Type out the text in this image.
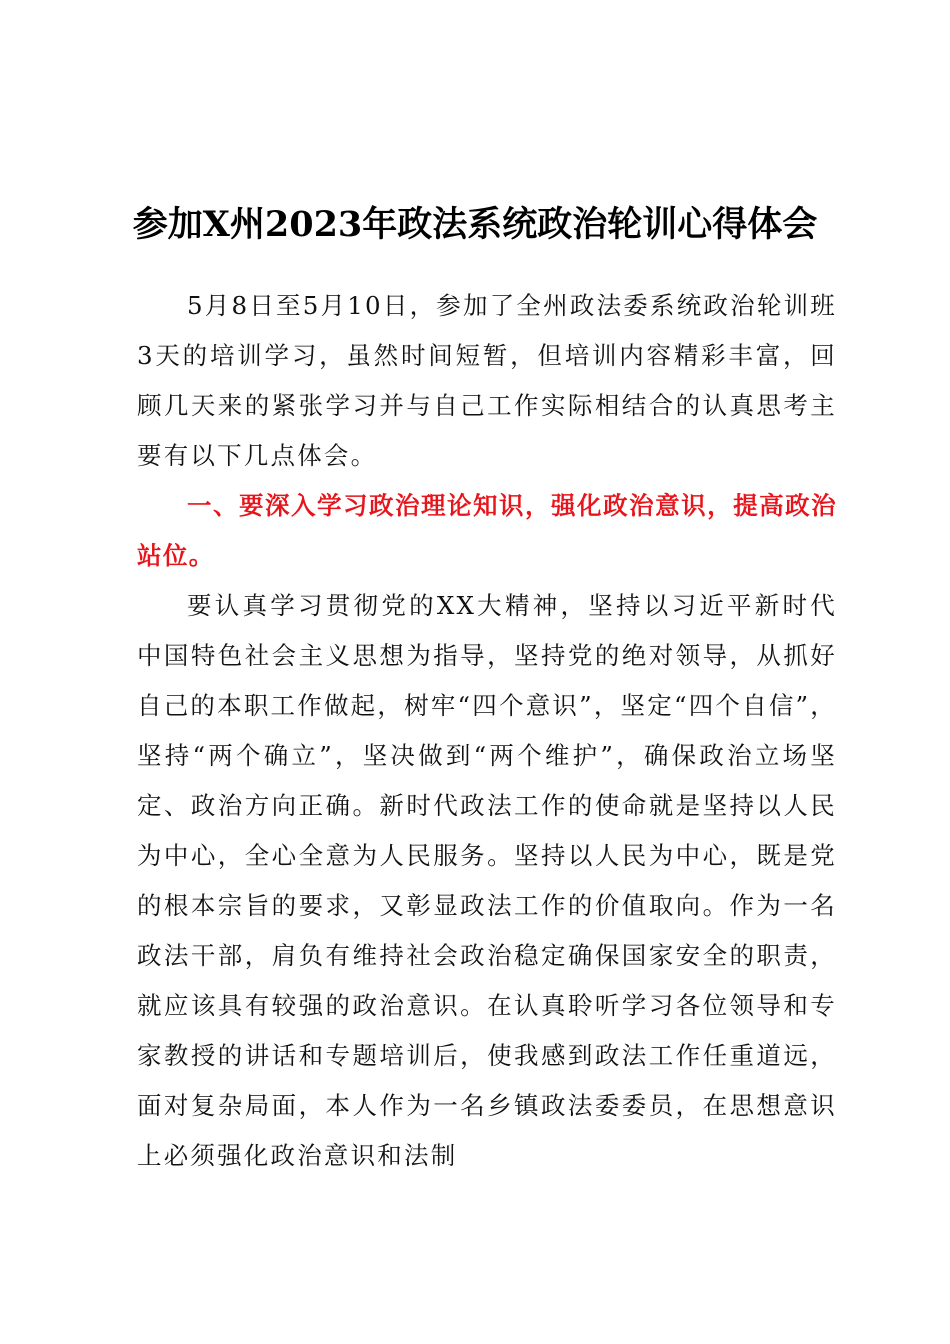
参加X州2023年政法系统政治轮训心得体会

5月8日至5月10日，参加了全州政法委系统政治轮训班3天的培训学习，虽然时间短暂，但培训内容精彩丰富，回顾几天来的紧张学习并与自己工作实际相结合的认真思考主要有以下几点体会。

一、要深入学习政治理论知识，强化政治意识，提高政治站位。

要认真学习贯彻党的XX大精神，坚持以习近平新时代中国特色社会主义思想为指导，坚持党的绝对领导，从抓好自己的本职工作做起，树牢“四个意识”，坚定“四个自信”，坚持“两个确立”，坚决做到“两个维护”，确保政治立场坚定、政治方向正确。新时代政法工作的使命就是坚持以人民为中心，全心全意为人民服务。坚持以人民为中心，既是党的根本宗旨的要求，又彰显政法工作的价值取向。作为一名政法干部，肩负有维持社会政治稳定确保国家安全的职责，就应该具有较强的政治意识。在认真聆听学习各位领导和专家教授的讲话和专题培训后，使我感到政法工作任重道远，面对复杂局面，本人作为一名乡镇政法委委员，在思想意识上必须强化政治意识和法制
